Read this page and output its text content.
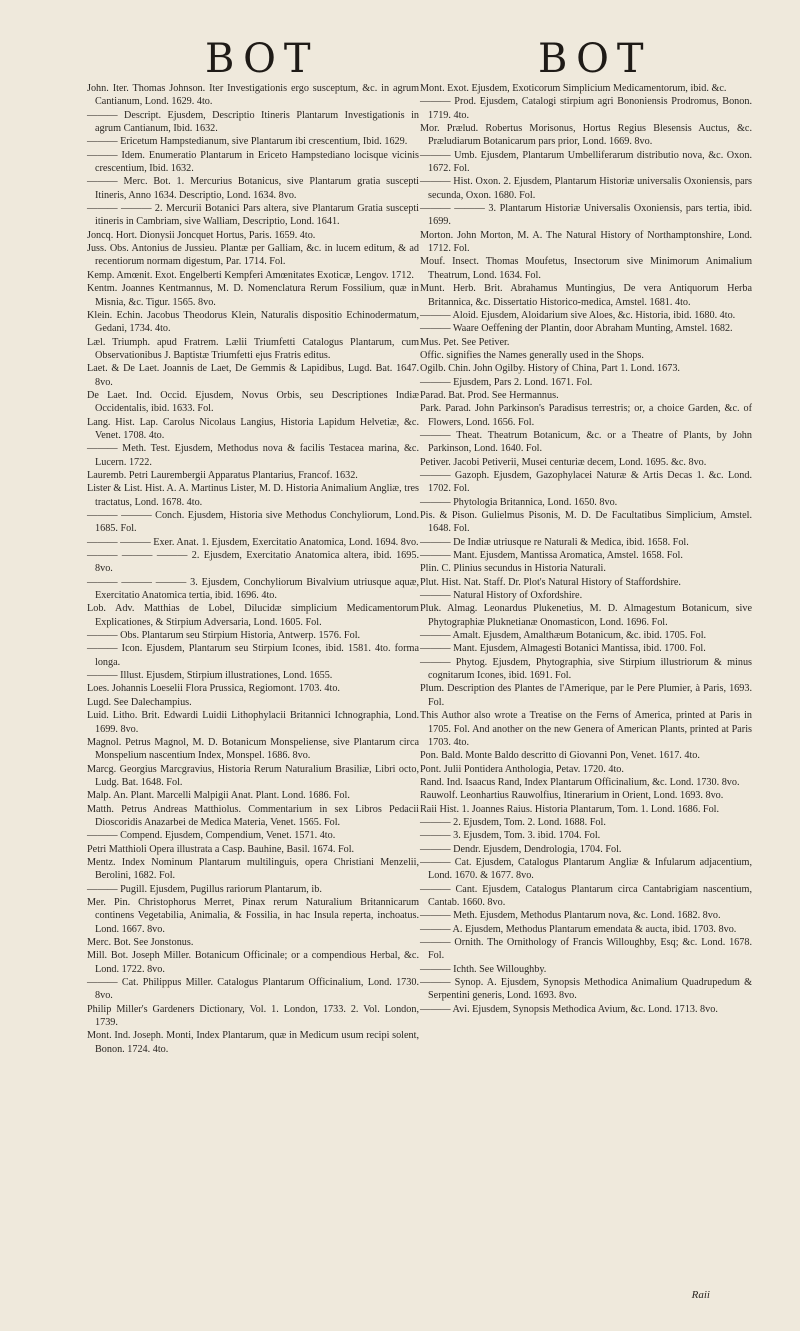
BOT	BOT

John. Iter. Thomas Johnson. Iter Investigationis ergo susceptum, &c. in agrum Cantianum, Lond. 1629. 4to.

——— Descript. Ejusdem, Descriptio Itineris Plantarum Investigationis in agrum Cantianum, Ibid. 1632.

——— Ericetum Hampstedianum, sive Plantarum ibi crescentium, Ibid. 1629.

——— Idem. Enumeratio Plantarum in Ericeto Hampstediano locisque vicinis crescentium, Ibid. 1632.

——— Merc. Bot. 1. Mercurius Botanicus, sive Plantarum gratia suscepti Itineris, Anno 1634. Descriptio, Lond. 1634. 8vo.

——— ——— 2. Mercurii Botanici Pars altera, sive Plantarum Gratia suscepti itineris in Cambriam, sive Walliam, Descriptio, Lond. 1641.

Joncq. Hort. Dionysii Joncquet Hortus, Paris. 1659. 4to.

Juss. Obs. Antonius de Jussieu. Plantæ per Galliam, &c. in lucem editum, & ad recentiorum normam digestum, Par. 1714. Fol.

Kemp. Amœnit. Exot. Engelberti Kempferi Amœnitates Exoticæ, Lengov. 1712.

Kentm. Joannes Kentmannus, M. D. Nomenclatura Rerum Fossilium, quæ in Misnia, &c. Tigur. 1565. 8vo.

Klein. Echin. Jacobus Theodorus Klein, Naturalis dispositio Echinodermatum, Gedani, 1734. 4to.

Læl. Triumph. apud Fratrem. Lælii Triumfetti Catalogus Plantarum, cum Observationibus J. Baptistæ Triumfetti ejus Fratris editus.

Laet. & De Laet. Joannis de Laet, De Gemmis & Lapidibus, Lugd. Bat. 1647. 8vo.

De Laet. Ind. Occid. Ejusdem, Novus Orbis, seu Descriptiones Indiæ Occidentalis, ibid. 1633. Fol.

Lang. Hist. Lap. Carolus Nicolaus Langius, Historia Lapidum Helvetiæ, &c. Venet. 1708. 4to.

——— Meth. Test. Ejusdem, Methodus nova & facilis Testacea marina, &c. Lucern. 1722.

Lauremb. Petri Laurembergii Apparatus Plantarius, Francof. 1632.

Lister & List. Hist. A. A. Martinus Lister, M. D. Historia Animalium Angliæ, tres tractatus, Lond. 1678. 4to.

——— ——— Conch. Ejusdem, Historia sive Methodus Conchyliorum, Lond. 1685. Fol.

——— ——— Exer. Anat. 1. Ejusdem, Exercitatio Anatomica, Lond. 1694. 8vo.

——— ——— ——— 2. Ejusdem, Exercitatio Anatomica altera, ibid. 1695. 8vo.

——— ——— ——— 3. Ejusdem, Conchyliorum Bivalvium utriusque aquæ, Exercitatio Anatomica tertia, ibid. 1696. 4to.

Lob. Adv. Matthias de Lobel, Dilucidæ simplicium Medicamentorum Explicationes, & Stirpium Adversaria, Lond. 1605. Fol.

——— Obs. Plantarum seu Stirpium Historia, Antwerp. 1576. Fol.

——— Icon. Ejusdem, Plantarum seu Stirpium Icones, ibid. 1581. 4to. forma longa.

——— Illust. Ejusdem, Stirpium illustrationes, Lond. 1655.

Loes. Johannis Loeselii Flora Prussica, Regiomont. 1703. 4to.

Lugd. See Dalechampius.

Luid. Litho. Brit. Edwardi Luidii Lithophylacii Britannici Ichnographia, Lond. 1699. 8vo.

Magnol. Petrus Magnol, M. D. Botanicum Monspeliense, sive Plantarum circa Monspelium nascentium Index, Monspel. 1686. 8vo.

Marcg. Georgius Marcgravius, Historia Rerum Naturalium Brasiliæ, Libri octo, Ludg. Bat. 1648. Fol.

Malp. An. Plant. Marcelli Malpigii Anat. Plant. Lond. 1686. Fol.

Matth. Petrus Andreas Matthiolus. Commentarium in sex Libros Pedacii Dioscoridis Anazarbei de Medica Materia, Venet. 1565. Fol.

——— Compend. Ejusdem, Compendium, Venet. 1571. 4to.

Petri Matthioli Opera illustrata a Casp. Bauhine, Basil. 1674. Fol.

Mentz. Index Nominum Plantarum multilinguis, opera Christiani Menzelii, Berolini, 1682. Fol.

——— Pugill. Ejusdem, Pugillus rariorum Plantarum, ib.

Mer. Pin. Christophorus Merret, Pinax rerum Naturalium Britannicarum continens Vegetabilia, Animalia, & Fossilia, in hac Insula reperta, inchoatus. Lond. 1667. 8vo.

Merc. Bot. See Jonstonus.

Mill. Bot. Joseph Miller. Botanicum Officinale; or a compendious Herbal, &c. Lond. 1722. 8vo.

——— Cat. Philippus Miller. Catalogus Plantarum Officinalium, Lond. 1730. 8vo.

Philip Miller's Gardeners Dictionary, Vol. 1. London, 1733. 2. Vol. London, 1739.

Mont. Ind. Joseph. Monti, Index Plantarum, quæ in Medicum usum recipi solent, Bonon. 1724. 4to.

Mont. Exot. Ejusdem, Exoticorum Simplicium Medicamentorum, ibid. &c.

——— Prod. Ejusdem, Catalogi stirpium agri Bononiensis Prodromus, Bonon. 1719. 4to.

Mor. Prælud. Robertus Morisonus, Hortus Regius Blesensis Auctus, &c. Præludiarum Botanicarum pars prior, Lond. 1669. 8vo.

——— Umb. Ejusdem, Plantarum Umbelliferarum distributio nova, &c. Oxon. 1672. Fol.

——— Hist. Oxon. 2. Ejusdem, Plantarum Historiæ universalis Oxoniensis, pars secunda, Oxon. 1680. Fol.

——— ——— 3. Plantarum Historiæ Universalis Oxoniensis, pars tertia, ibid. 1699.

Morton. John Morton, M. A. The Natural History of Northamptonshire, Lond. 1712. Fol.

Mouf. Insect. Thomas Moufetus, Insectorum sive Minimorum Animalium Theatrum, Lond. 1634. Fol.

Munt. Herb. Brit. Abrahamus Muntingius, De vera Antiquorum Herba Britannica, &c. Dissertatio Historico-medica, Amstel. 1681. 4to.

——— Aloid. Ejusdem, Aloidarium sive Aloes, &c. Historia, ibid. 1680. 4to.

——— Waare Oeffening der Plantin, door Abraham Munting, Amstel. 1682.

Mus. Pet. See Petiver.

Offic. signifies the Names generally used in the Shops.

Ogilb. Chin. John Ogilby. History of China, Part 1. Lond. 1673.

——— Ejusdem, Pars 2. Lond. 1671. Fol.

Parad. Bat. Prod. See Hermannus.

Park. Parad. John Parkinson's Paradisus terrestris; or, a choice Garden, &c. of Flowers, Lond. 1656. Fol.

——— Theat. Theatrum Botanicum, &c. or a Theatre of Plants, by John Parkinson, Lond. 1640. Fol.

Petiver. Jacobi Petiverii, Musei centuriæ decem, Lond. 1695. &c. 8vo.

——— Gazoph. Ejusdem, Gazophylacei Naturæ & Artis Decas 1. &c. Lond. 1702. Fol.

——— Phytologia Britannica, Lond. 1650. 8vo.

Pis. & Pison. Gulielmus Pisonis, M. D. De Facultatibus Simplicium, Amstel. 1648. Fol.

——— De Indiæ utriusque re Naturali & Medica, ibid. 1658. Fol.

——— Mant. Ejusdem, Mantissa Aromatica, Amstel. 1658. Fol.

Plin. C. Plinius secundus in Historia Naturali.

Plut. Hist. Nat. Staff. Dr. Plot's Natural History of Staffordshire.

——— Natural History of Oxfordshire.

Pluk. Almag. Leonardus Plukenetius, M. D. Almagestum Botanicum, sive Phytographiæ Pluknetianæ Onomasticon, Lond. 1696. Fol.

——— Amalt. Ejusdem, Amalthæum Botanicum, &c. ibid. 1705. Fol.

——— Mant. Ejusdem, Almagesti Botanici Mantissa, ibid. 1700. Fol.

——— Phytog. Ejusdem, Phytographia, sive Stirpium illustriorum & minus cognitarum Icones, ibid. 1691. Fol.

Plum. Description des Plantes de l'Amerique, par le Pere Plumier, à Paris, 1693. Fol.

This Author also wrote a Treatise on the Ferns of America, printed at Paris in 1705. Fol. And another on the new Genera of American Plants, printed at Paris 1703. 4to.

Pon. Bald. Monte Baldo descritto di Giovanni Pon, Venet. 1617. 4to.

Pont. Julii Pontidera Anthologia, Petav. 1720. 4to.

Rand. Ind. Isaacus Rand, Index Plantarum Officinalium, &c. Lond. 1730. 8vo.

Rauwolf. Leonhartius Rauwolfius, Itinerarium in Orient, Lond. 1693. 8vo.

Raii Hist. 1. Joannes Raius. Historia Plantarum, Tom. 1. Lond. 1686. Fol.

——— 2. Ejusdem, Tom. 2. Lond. 1688. Fol.

——— 3. Ejusdem, Tom. 3. ibid. 1704. Fol.

——— Dendr. Ejusdem, Dendrologia, 1704. Fol.

——— Cat. Ejusdem, Catalogus Plantarum Angliæ & Infularum adjacentium, Lond. 1670. & 1677. 8vo.

——— Cant. Ejusdem, Catalogus Plantarum circa Cantabrigiam nascentium, Cantab. 1660. 8vo.

——— Meth. Ejusdem, Methodus Plantarum nova, &c. Lond. 1682. 8vo.

——— A. Ejusdem, Methodus Plantarum emendata & aucta, ibid. 1703. 8vo.

——— Ornith. The Ornithology of Francis Willoughby, Esq; &c. Lond. 1678. Fol.

——— Ichth. See Willoughby.

——— Synop. A. Ejusdem, Synopsis Methodica Animalium Quadrupedum & Serpentini generis, Lond. 1693. 8vo.

——— Avi. Ejusdem, Synopsis Methodica Avium, &c. Lond. 1713. 8vo.

Raii
